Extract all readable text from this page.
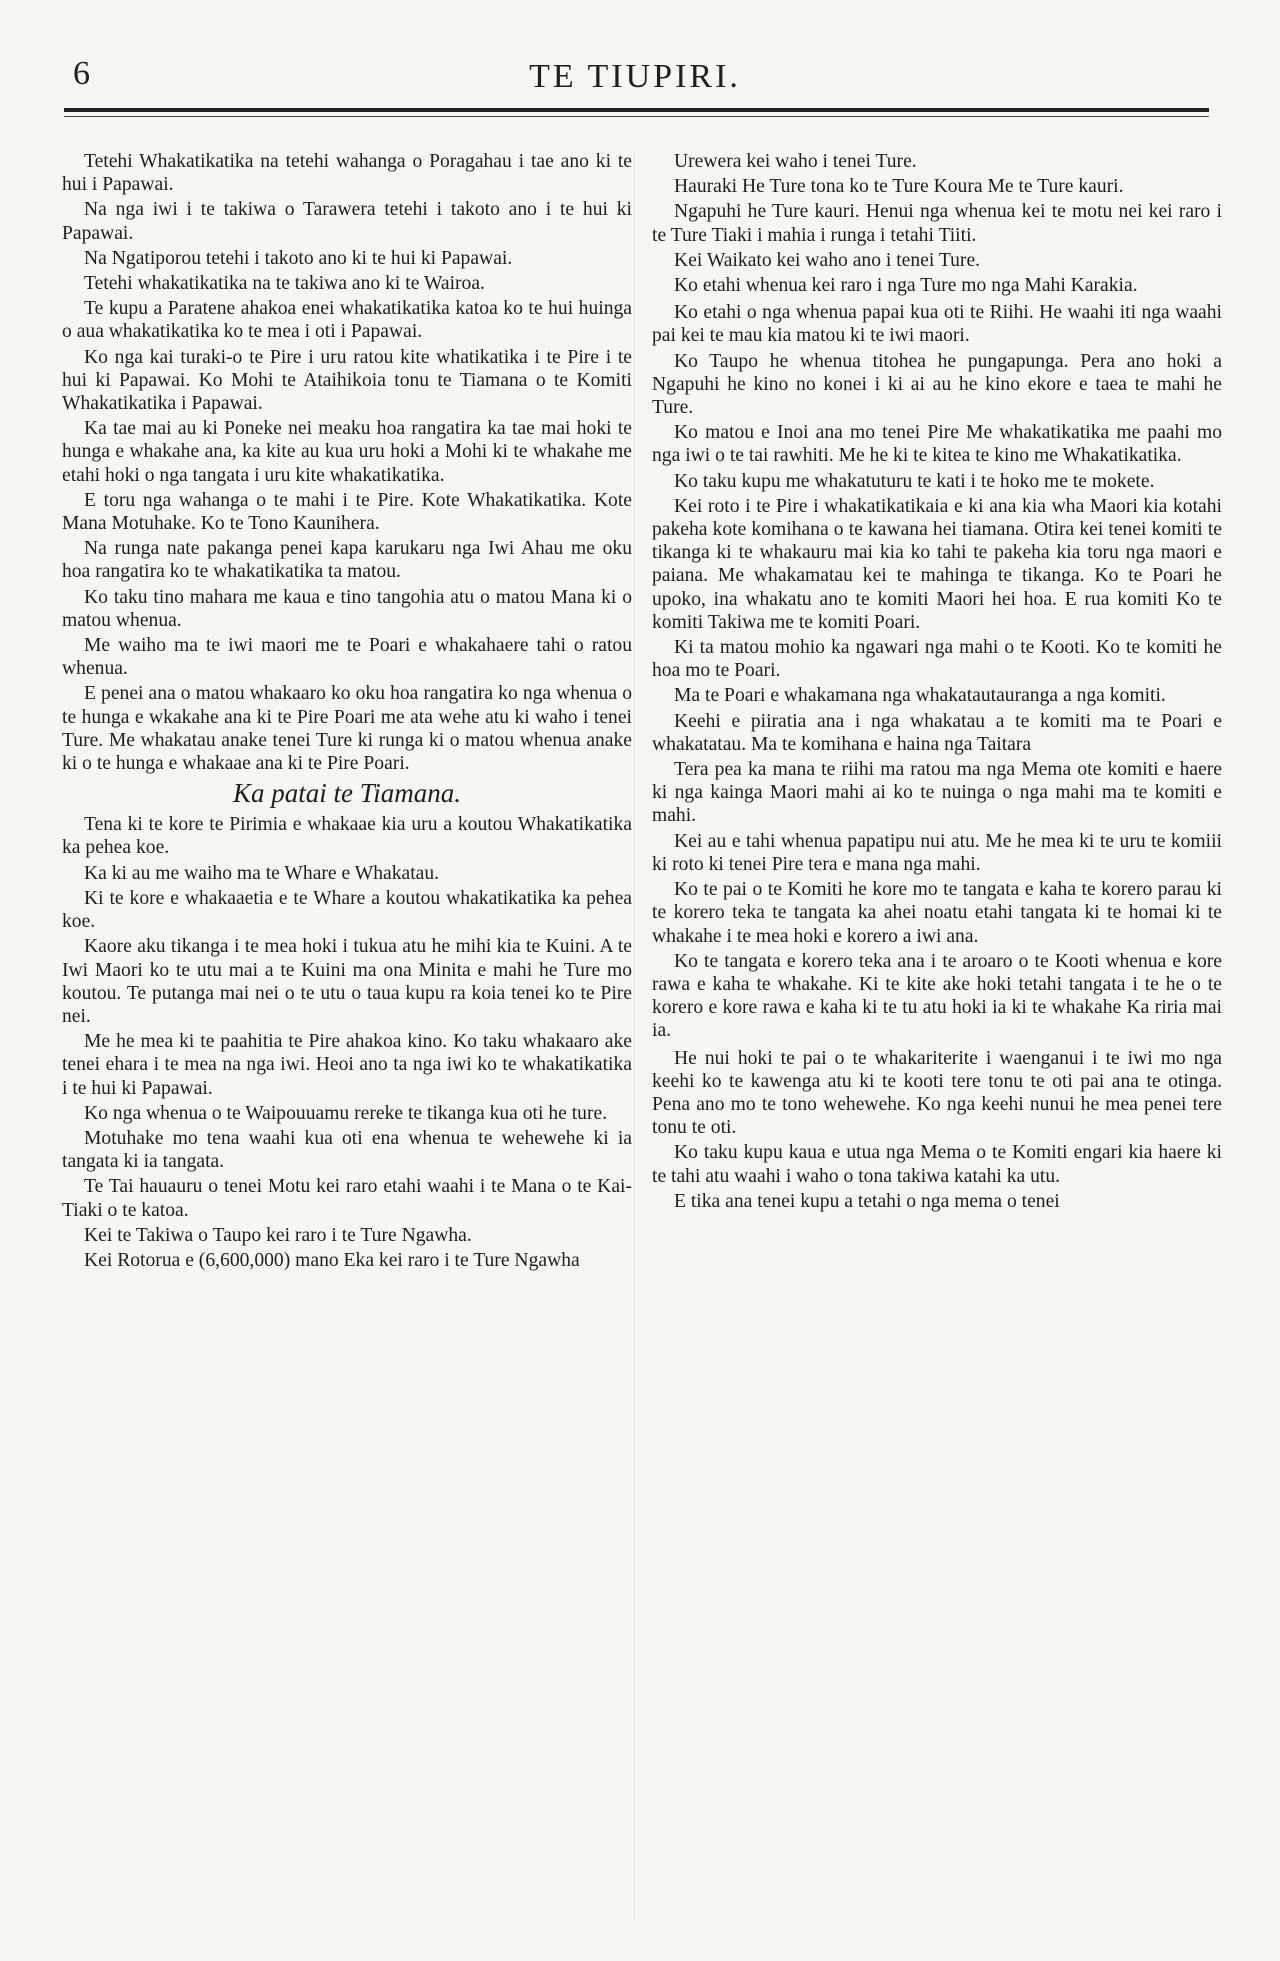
6	TE TIUPIRI.

Tetehi Whakatikatika na tetehi wahanga o Poragahau i tae ano ki te hui i Papawai.

Na nga iwi i te takiwa o Tarawera tetehi i takoto ano i te hui ki Papawai.

Na Ngatiporou tetehi i takoto ano ki te hui ki Papawai.

Tetehi whakatikatika na te takiwa ano ki te Wairoa.

Te kupu a Paratene ahakoa enei whakatikatika katoa ko te hui huinga o aua whakatikatika ko te mea i oti i Papawai.

Ko nga kai turaki-o te Pire i uru ratou kite whatikatika i te Pire i te hui ki Papawai. Ko Mohi te Ataihikoia tonu te Tiamana o te Komiti Whakatikatika i Papawai.

Ka tae mai au ki Poneke nei meaku hoa rangatira ka tae mai hoki te hunga e whakahe ana, ka kite au kua uru hoki a Mohi ki te whakahe me etahi hoki o nga tangata i uru kite whakatikatika.

E toru nga wahanga o te mahi i te Pire. Kote Whakatikatika. Kote Mana Motuhake. Ko te Tono Kaunihera.

Na runga nate pakanga penei kapa karukaru nga Iwi Ahau me oku hoa rangatira ko te whakatikatika ta matou.

Ko taku tino mahara me kaua e tino tangohia atu o matou Mana ki o matou whenua.

Me waiho ma te iwi maori me te Poari e whakahaere tahi o ratou whenua.

E penei ana o matou whakaaro ko oku hoa rangatira ko nga whenua o te hunga e wkakahe ana ki te Pire Poari me ata wehe atu ki waho i tenei Ture. Me whakatau anake tenei Ture ki runga ki o matou whenua anake ki o te hunga e whakaae ana ki te Pire Poari.

Ka patai te Tiamana.

Tena ki te kore te Pirimia e whakaae kia uru a koutou Whakatikatika ka pehea koe.

Ka ki au me waiho ma te Whare e Whakatau.

Ki te kore e whakaaetia e te Whare a koutou whakatikatika ka pehea koe.

Kaore aku tikanga i te mea hoki i tukua atu he mihi kia te Kuini. A te Iwi Maori ko te utu mai a te Kuini ma ona Minita e mahi he Ture mo koutou. Te putanga mai nei o te utu o taua kupu ra koia tenei ko te Pire nei.

Me he mea ki te paahitia te Pire ahakoa kino. Ko taku whakaaro ake tenei ehara i te mea na nga iwi. Heoi ano ta nga iwi ko te whakatikatika i te hui ki Papawai.

Ko nga whenua o te Waipouuamu rereke te tikanga kua oti he ture.

Motuhake mo tena waahi kua oti ena whenua te wehewehe ki ia tangata ki ia tangata.

Te Tai hauauru o tenei Motu kei raro etahi waahi i te Mana o te Kai-Tiaki o te katoa.

Kei te Takiwa o Taupo kei raro i te Ture Ngawha.

Kei Rotorua e (6,600,000) mano Eka kei raro i te Ture Ngawha

Urewera kei waho i tenei Ture.

Hauraki He Ture tona ko te Ture Koura Me te Ture kauri.

Ngapuhi he Ture kauri. Henui nga whenua kei te motu nei kei raro i te Ture Tiaki i mahia i runga i tetahi Tiiti.

Kei Waikato kei waho ano i tenei Ture.

Ko etahi whenua kei raro i nga Ture mo nga Mahi Karakia.

Ko etahi o nga whenua papai kua oti te Riihi. He waahi iti nga waahi pai kei te mau kia matou ki te iwi maori.

Ko Taupo he whenua titohea he pungapunga. Pera ano hoki a Ngapuhi he kino no konei i ki ai au he kino ekore e taea te mahi he Ture.

Ko matou e Inoi ana mo tenei Pire Me whakatikatika me paahi mo nga iwi o te tai rawhiti. Me he ki te kitea te kino me Whakatikatika.

Ko taku kupu me whakatuturu te kati i te hoko me te mokete.

Kei roto i te Pire i whakatikatikaia e ki ana kia wha Maori kia kotahi pakeha kote komihana o te kawana hei tiamana. Otira kei tenei komiti te tikanga ki te whakauru mai kia ko tahi te pakeha kia toru nga maori e paiana. Me whakamatau kei te mahinga te tikanga. Ko te Poari he upoko, ina whakatu ano te komiti Maori hei hoa. E rua komiti Ko te komiti Takiwa me te komiti Poari.

Ki ta matou mohio ka ngawari nga mahi o te Kooti. Ko te komiti he hoa mo te Poari.

Ma te Poari e whakamana nga whakatautauranga a nga komiti.

Keehi e piiratia ana i nga whakatau a te komiti ma te Poari e whakatatau. Ma te komihana e haina nga Taitara

Tera pea ka mana te riihi ma ratou ma nga Mema ote komiti e haere ki nga kainga Maori mahi ai ko te nuinga o nga mahi ma te komiti e mahi.

Kei au e tahi whenua papatipu nui atu. Me he mea ki te uru te komiii ki roto ki tenei Pire tera e mana nga mahi.

Ko te pai o te Komiti he kore mo te tangata e kaha te korero parau ki te korero teka te tangata ka ahei noatu etahi tangata ki te homai ki te whakahe i te mea hoki e korero a iwi ana.

Ko te tangata e korero teka ana i te aroaro o te Kooti whenua e kore rawa e kaha te whakahe. Ki te kite ake hoki tetahi tangata i te he o te korero e kore rawa e kaha ki te tu atu hoki ia ki te whakahe Ka riria mai ia.

He nui hoki te pai o te whakariterite i waenganui i te iwi mo nga keehi ko te kawenga atu ki te kooti tere tonu te oti pai ana te otinga. Pena ano mo te tono wehewehe. Ko nga keehi nunui he mea penei tere tonu te oti.

Ko taku kupu kaua e utua nga Mema o te Komiti engari kia haere ki te tahi atu waahi i waho o tona takiwa katahi ka utu.

E tika ana tenei kupu a tetahi o nga mema o tenei
